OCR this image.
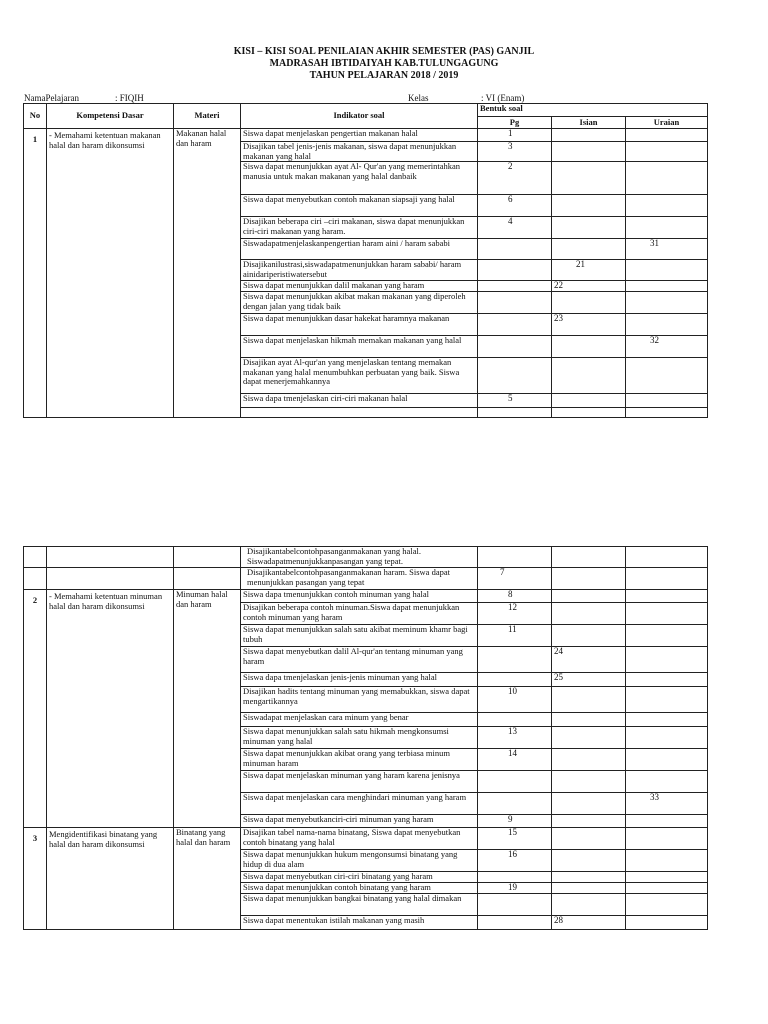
KISI – KISI SOAL PENILAIAN AKHIR SEMESTER (PAS) GANJIL
MADRASAH IBTIDAIYAH KAB.TULUNGAGUNG
TAHUN PELAJARAN 2018 / 2019
NamaPelajaran	: FIQIH	Kelas	: VI (Enam)
No	Kompetensi Dasar	Materi	Indikator soal	Bentuk soal		
				Pg	Isian	Uraian
1	- Memahami ketentuan makanan halal dan haram dikonsumsi	Makanan halal dan haram	Siswa dapat menjelaskan pengertian makanan halal	1		
			Disajikan tabel jenis-jenis makanan, siswa dapat menunjukkan makanan yang halal	3		
			Siswa dapat menunjukkan ayat Al- Qur'an yang memerintahkan manusia untuk makan makanan yang halal danbaik	2		
			Siswa dapat menyebutkan contoh makanan siapsaji yang halal	6		
			Disajikan beberapa ciri –ciri makanan, siswa dapat menunjukkan ciri-ciri makanan yang haram.	4		
			Siswadapatmenjelaskanpengertian haram aini / haram sababi			31
			Disajikanilustrasi,siswadapatmenunjukkan haram sababi/ haram ainidariperistiwatersebut		21	
			Siswa dapat menunjukkan dalil makanan yang haram		22	
			Siswa dapat menunjukkan akibat makan makanan yang diperoleh dengan jalan yang tidak baik			
			Siswa dapat menunjukkan dasar hakekat haramnya makanan		23	
			Siswa dapat menjelaskan hikmah memakan makanan yang halal			32
			Disajikan ayat Al-qur'an yang menjelaskan tentang memakan makanan yang halal menumbuhkan perbuatan yang baik. Siswa dapat menerjemahkannya			
			Siswa dapa tmenjelaskan ciri-ciri makanan halal	5		

			Disajikantabelcontohpasanganmakanan yang halal. Siswadapatmenunjukkanpasangan yang tepat.			
			Disajikantabelcontohpasanganmakanan haram. Siswa dapat menunjukkan pasangan yang tepat	7		
2	- Memahami ketentuan minuman halal dan haram dikonsumsi	Minuman halal dan haram	Siswa dapa tmenunjukkan contoh minuman yang halal	8		
			Disajikan beberapa contoh minuman.Siswa dapat menunjukkan contoh minuman yang haram	12		
			Siswa dapat menunjukkan salah satu akibat meminum khamr bagi tubuh	11		
			Siswa dapat menyebutkan dalil Al-qur'an tentang minuman yang haram		24	
			Siswa dapa tmenjelaskan jenis-jenis minuman yang halal		25	
			Disajikan hadits tentang minuman yang memabukkan, siswa dapat mengartikannya	10		
			Siswadapat menjelaskan cara minum yang benar			
			Siswa dapat menunjukkan salah satu hikmah mengkonsumsi minuman yang halal	13		
			Siswa dapat menunjukkan akibat orang yang terbiasa minum minuman haram	14		
			Siswa dapat menjelaskan minuman yang haram karena jenisnya			
			Siswa dapat menjelaskan cara menghindari minuman yang haram			33
			Siswa dapat menyebutkanciri-ciri minuman yang haram	9		
3	Mengidentifikasi binatang yang halal dan haram dikonsumsi	Binatang yang halal dan haram	Disajikan tabel nama-nama binatang, Siswa dapat menyebutkan contoh binatang yang halal	15		
			Siswa dapat menunjukkan hukum mengonsumsi binatang yang hidup di dua alam	16		
			Siswa dapat menyebutkan ciri-ciri binatang yang haram			
			Siswa dapat menunjukkan contoh binatang yang haram	19		
			Siswa dapat menunjukkan bangkai binatang yang halal dimakan			
			Siswa dapat menentukan istilah makanan yang masih		28	
